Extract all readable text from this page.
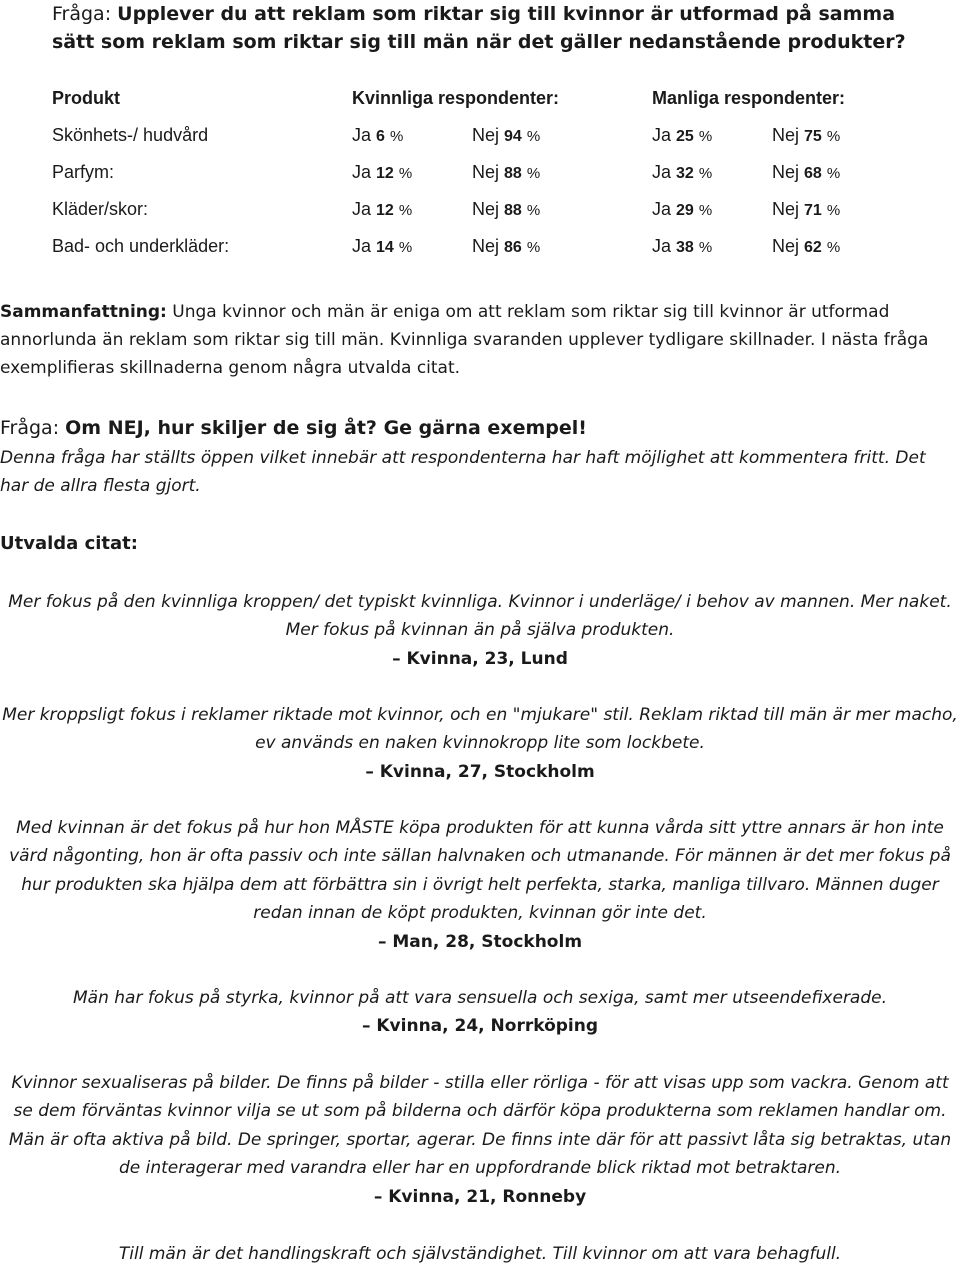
Fråga: Upplever du att reklam som riktar sig till kvinnor är utformad på samma sätt som reklam som riktar sig till män när det gäller nedanstående produkter?
Produkt	Kvinnliga respondenter:	Manliga respondenter:
Skönhets-/ hudvård	Ja 6 %	Nej 94 %	Ja 25 %	Nej 75 %
Parfym:	Ja 12 %	Nej 88 %	Ja 32 %	Nej 68 %
Kläder/skor:	Ja 12 %	Nej 88 %	Ja 29 %	Nej 71 %
Bad- och underkläder:	Ja 14 %	Nej 86 %	Ja 38 %	Nej 62 %
Sammanfattning: Unga kvinnor och män är eniga om att reklam som riktar sig till kvinnor är utformad annorlunda än reklam som riktar sig till män. Kvinnliga svaranden upplever tydligare skillnader. I nästa fråga exemplifieras skillnaderna genom några utvalda citat.
Fråga: Om NEJ, hur skiljer de sig åt? Ge gärna exempel!
Denna fråga har ställts öppen vilket innebär att respondenterna har haft möjlighet att kommentera fritt. Det har de allra flesta gjort.
Utvalda citat:
Mer fokus på den kvinnliga kroppen/ det typiskt kvinnliga. Kvinnor i underläge/ i behov av mannen. Mer naket. Mer fokus på kvinnan än på själva produkten.
– Kvinna, 23, Lund
Mer kroppsligt fokus i reklamer riktade mot kvinnor, och en "mjukare" stil. Reklam riktad till män är mer macho, ev används en naken kvinnokropp lite som lockbete.
– Kvinna, 27, Stockholm
Med kvinnan är det fokus på hur hon MÅSTE köpa produkten för att kunna vårda sitt yttre annars är hon inte värd någonting, hon är ofta passiv och inte sällan halvnaken och utmanande. För männen är det mer fokus på hur produkten ska hjälpa dem att förbättra sin i övrigt helt perfekta, starka, manliga tillvaro. Männen duger redan innan de köpt produkten, kvinnan gör inte det.
– Man, 28, Stockholm
Män har fokus på styrka, kvinnor på att vara sensuella och sexiga, samt mer utseendefixerade.
– Kvinna, 24, Norrköping
Kvinnor sexualiseras på bilder. De finns på bilder - stilla eller rörliga - för att visas upp som vackra. Genom att se dem förväntas kvinnor vilja se ut som på bilderna och därför köpa produkterna som reklamen handlar om. Män är ofta aktiva på bild. De springer, sportar, agerar. De finns inte där för att passivt låta sig betraktas, utan de interagerar med varandra eller har en uppfordrande blick riktad mot betraktaren.
– Kvinna, 21, Ronneby
Till män är det handlingskraft och självständighet. Till kvinnor om att vara behagfull.
